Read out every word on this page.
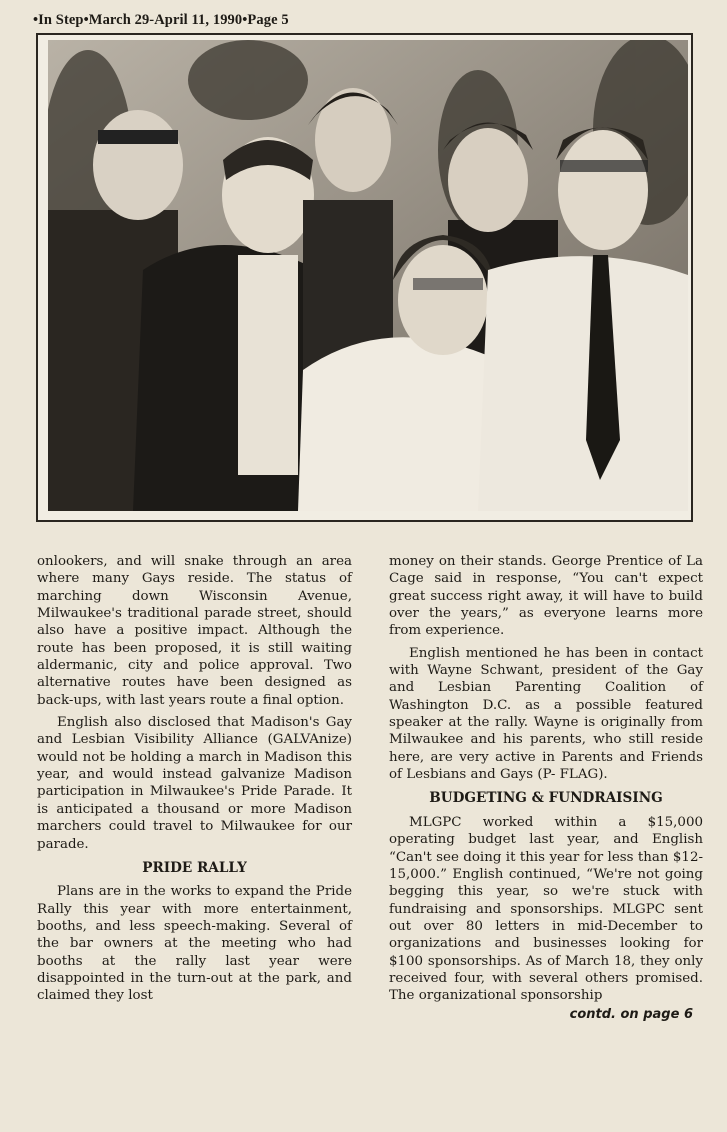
•In Step•March 29-April 11, 1990•Page 5

onlookers, and will snake through an area where many Gays reside. The status of marching down Wisconsin Avenue, Milwaukee's traditional parade street, should also have a positive impact. Although the route has been proposed, it is still waiting aldermanic, city and police approval. Two alternative routes have been designed as back-ups, with last years route a final option.

English also disclosed that Madison's Gay and Lesbian Visibility Alliance (GALVAnize) would not be holding a march in Madison this year, and would instead galvanize Madison participation in Milwaukee's Pride Parade. It is anticipated a thousand or more Madison marchers could travel to Milwaukee for our parade.

PRIDE RALLY

Plans are in the works to expand the Pride Rally this year with more entertainment, booths, and less speech-making. Several of the bar owners at the meeting who had booths at the rally last year were disappointed in the turn-out at the park, and claimed they lost

money on their stands. George Prentice of La Cage said in response, “You can't expect great success right away, it will have to build over the years,” as everyone learns more from experience.

English mentioned he has been in contact with Wayne Schwant, president of the Gay and Lesbian Parenting Coalition of Washington D.C. as a possible featured speaker at the rally. Wayne is originally from Milwaukee and his parents, who still reside here, are very active in Parents and Friends of Lesbians and Gays (P- FLAG).

BUDGETING & FUNDRAISING

MLGPC worked within a $15,000 operating budget last year, and English “Can't see doing it this year for less than $12-15,000.” English continued, “We're not going begging this year, so we're stuck with fundraising and sponsorships. MLGPC sent out over 80 letters in mid-December to organizations and businesses looking for $100 sponsorships. As of March 18, they only received four, with several others promised. The organizational sponsorship

contd. on page 6
